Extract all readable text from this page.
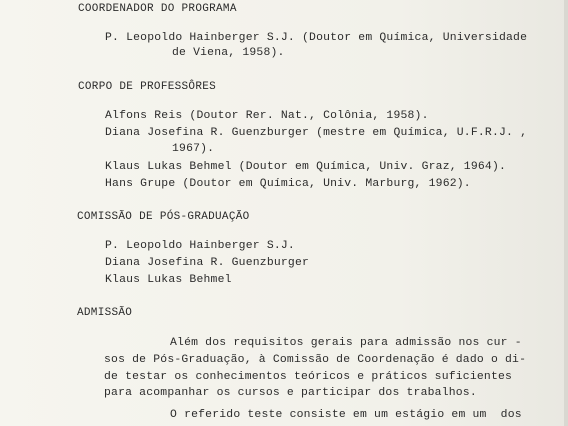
COORDENADOR DO PROGRAMA
P. Leopoldo Hainberger S.J. (Doutor em Química, Universidade
de Viena, 1958).
CORPO DE PROFESSÔRES
Alfons Reis (Doutor Rer. Nat., Colônia, 1958).
Diana Josefina R. Guenzburger (mestre em Química, U.F.R.J. ,
1967).
Klaus Lukas Behmel (Doutor em Química, Univ. Graz, 1964).
Hans Grupe (Doutor em Química, Univ. Marburg, 1962).
COMISSÃO DE PÓS-GRADUAÇÃO
P. Leopoldo Hainberger S.J.
Diana Josefina R. Guenzburger
Klaus Lukas Behmel
ADMISSÃO
Além dos requisitos gerais para admissão nos cur -
sos de Pós-Graduação, à Comissão de Coordenação é dado o di-
de testar os conhecimentos teóricos e práticos suficientes
para acompanhar os cursos e participar dos trabalhos.
O referido teste consiste em um estágio em um  dos
